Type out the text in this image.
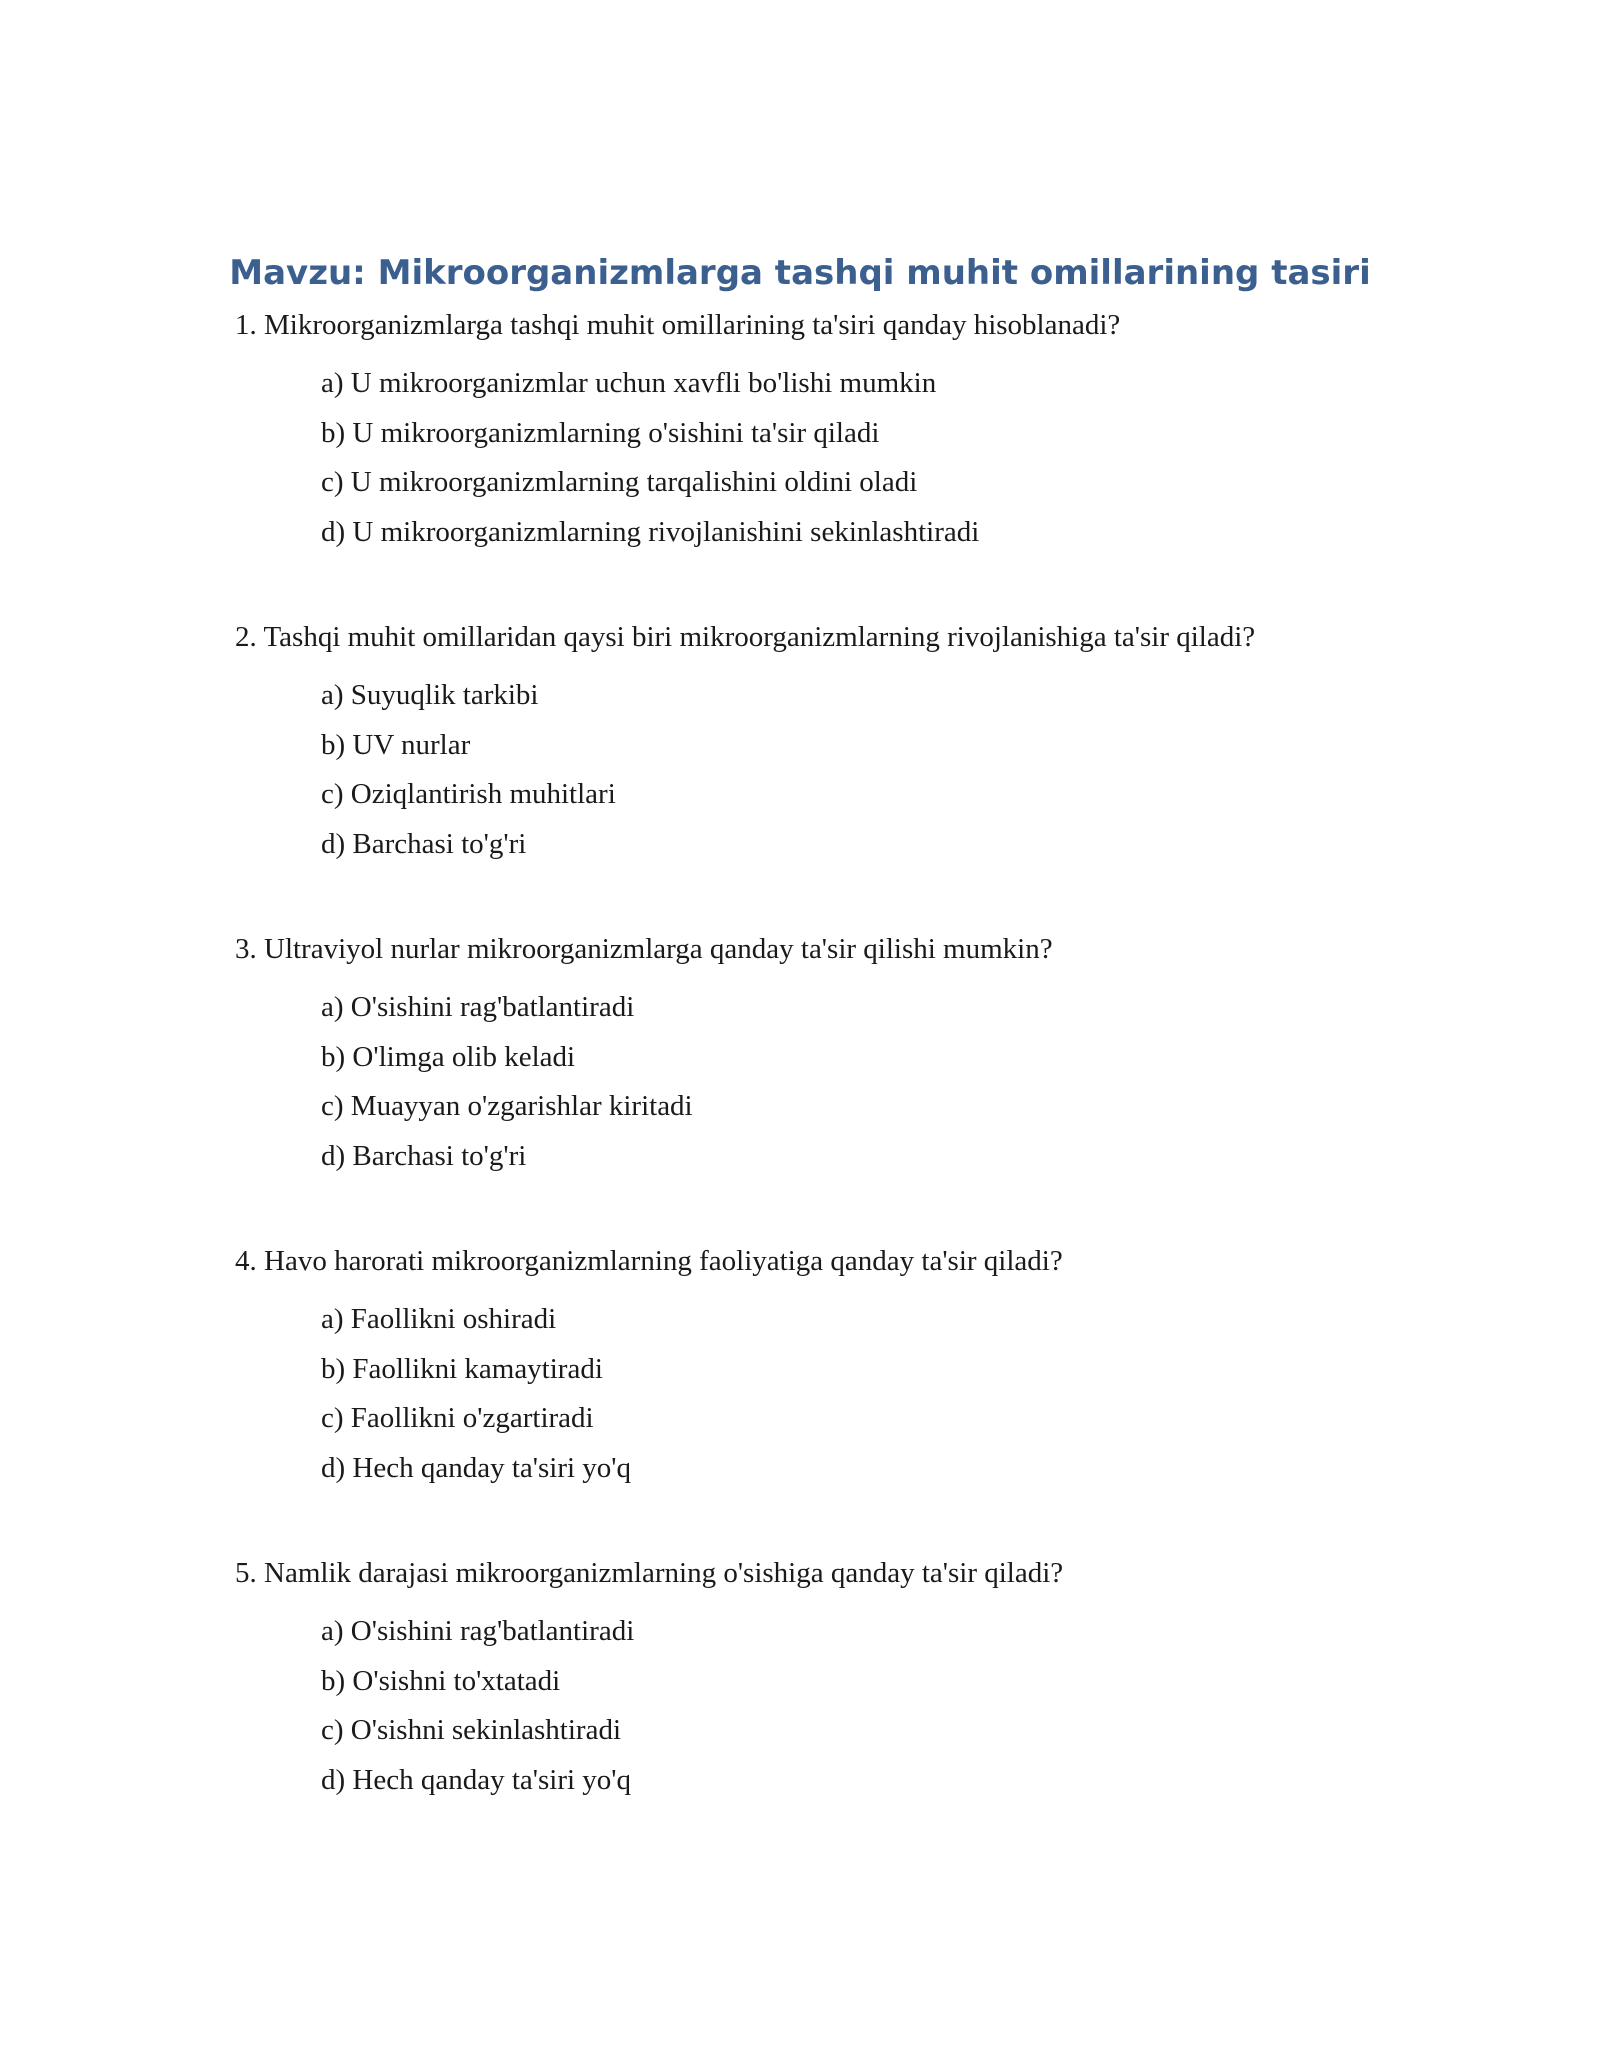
Mavzu: Mikroorganizmlarga tashqi muhit omillarining tasiri

1. Mikroorganizmlarga tashqi muhit omillarining ta'siri qanday hisoblanadi?

a) U mikroorganizmlar uchun xavfli bo'lishi mumkin
b) U mikroorganizmlarning o'sishini ta'sir qiladi
c) U mikroorganizmlarning tarqalishini oldini oladi
d) U mikroorganizmlarning rivojlanishini sekinlashtiradi

2. Tashqi muhit omillaridan qaysi biri mikroorganizmlarning rivojlanishiga ta'sir qiladi?

a) Suyuqlik tarkibi
b) UV nurlar
c) Oziqlantirish muhitlari
d) Barchasi to'g'ri

3. Ultraviyol nurlar mikroorganizmlarga qanday ta'sir qilishi mumkin?

a) O'sishini rag'batlantiradi
b) O'limga olib keladi
c) Muayyan o'zgarishlar kiritadi
d) Barchasi to'g'ri

4. Havo harorati mikroorganizmlarning faoliyatiga qanday ta'sir qiladi?

a) Faollikni oshiradi
b) Faollikni kamaytiradi
c) Faollikni o'zgartiradi
d) Hech qanday ta'siri yo'q

5. Namlik darajasi mikroorganizmlarning o'sishiga qanday ta'sir qiladi?

a) O'sishini rag'batlantiradi
b) O'sishni to'xtatadi
c) O'sishni sekinlashtiradi
d) Hech qanday ta'siri yo'q
